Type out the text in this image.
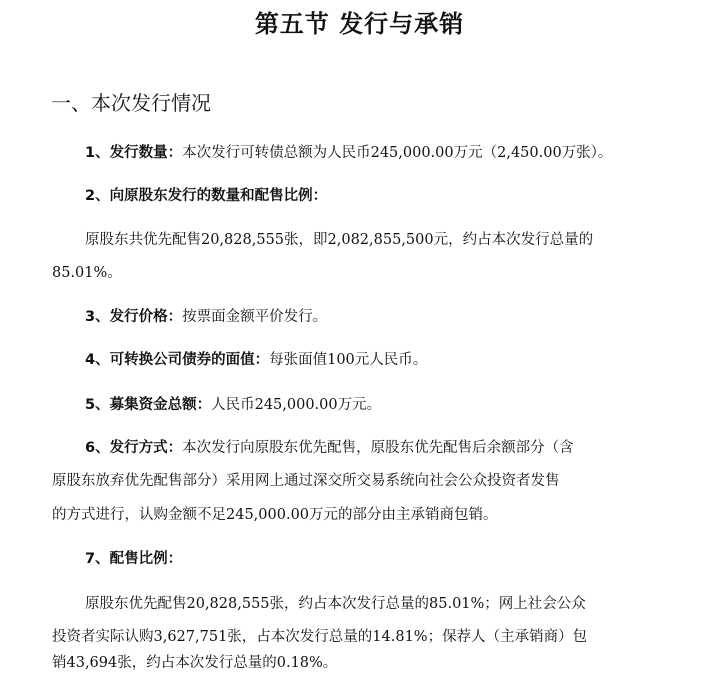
第五节 发行与承销
一、本次发行情况
1、发行数量：本次发行可转债总额为人民币245,000.00万元（2,450.00万张）。
2、向原股东发行的数量和配售比例：
原股东共优先配售20,828,555张，即2,082,855,500元，约占本次发行总量的
85.01%。
3、发行价格：按票面金额平价发行。
4、可转换公司债券的面值：每张面值100元人民币。
5、募集资金总额：人民币245,000.00万元。
6、发行方式：本次发行向原股东优先配售，原股东优先配售后余额部分（含
原股东放弃优先配售部分）采用网上通过深交所交易系统向社会公众投资者发售
的方式进行，认购金额不足245,000.00万元的部分由主承销商包销。
7、配售比例：
原股东优先配售20,828,555张，约占本次发行总量的85.01%；网上社会公众
投资者实际认购3,627,751张，占本次发行总量的14.81%；保荐人（主承销商）包
销43,694张，约占本次发行总量的0.18%。
